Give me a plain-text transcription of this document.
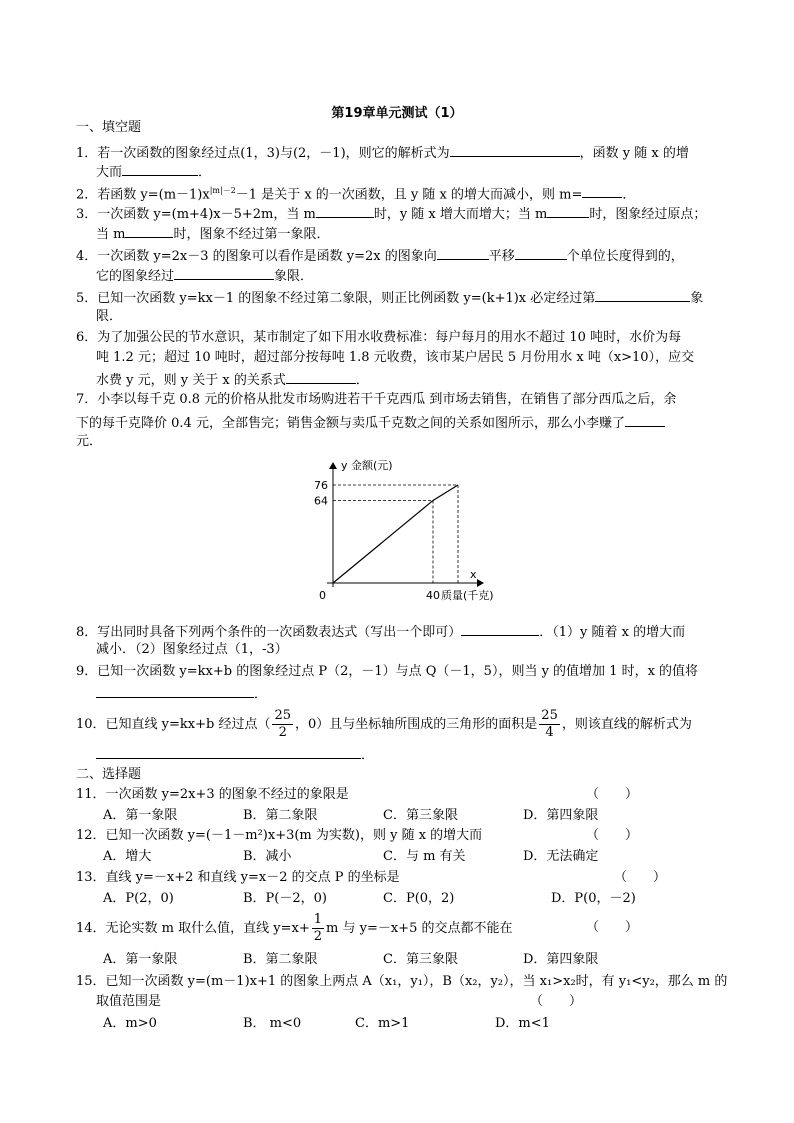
第19章单元测试（1）
一、填空题
1．若一次函数的图象经过点(1，3)与(2，－1)，则它的解析式为	，函数 y 随 x 的增
大而	．
2．若函数 $y=(m-1)x^{|m|-2}-1$ 是关于 x 的一次函数，且 y 随 x 的增大而减小，则 m=	．
3．一次函数 y=(m+4)x－5+2m，当 m	时，y 随 x 增大而增大；当 m	时，图象经过原点；
当 m	时，图象不经过第一象限．
4．一次函数 y=2x－3 的图象可以看作是函数 y=2x 的图象向	平移	个单位长度得到的，
它的图象经过	象限．
5．已知一次函数 y=kx－1 的图象不经过第二象限，则正比例函数 y=(k+1)x 必定经过第	象
限．
6．为了加强公民的节水意识，某市制定了如下用水收费标准：每户每月的用水不超过 10 吨时，水价为每
吨 1.2 元；超过 10 吨时，超过部分按每吨 1.8 元收费，该市某户居民 5 月份用水 x 吨（x>10），应交
水费 y 元，则 y 关于 x 的关系式	．
7．小李以每千克 0.8 元的价格从批发市场购进若干千克西瓜 到市场去销售，在销售了部分西瓜之后，余
下的每千克降价 0.4 元，全部售完；销售金额与卖瓜千克数之间的关系如图所示，那么小李赚了
元．
y 金额(元)
x
质量(千克)
0
64
76
40
8．写出同时具备下列两个条件的一次函数表达式（写出一个即可）	．（1）y 随着 x 的增大而
减小．（2）图象经过点（1，-3）
9．已知一次函数 y=kx+b 的图象经过点 P（2，－1）与点 Q（－1，5），则当 y 的值增加 1 时，x 的值将
．
10．已知直线 y=kx+b 经过点（ $\frac{25}{2}$ ，0）且与坐标轴所围成的三角形的面积是 $\frac{25}{4}$ ，则该直线的解析式为
．
二、选择题
11．一次函数 y=2x+3 的图象不经过的象限是	（　　）
A．第一象限	B．第二象限	C．第三象限	D．第四象限
12．已知一次函数 y=(－1－m²)x+3(m 为实数)，则 y 随 x 的增大而	（　　）
A．增大	B．减小	C．与 m 有关	D．无法确定
13．直线 y=－x+2 和直线 y=x－2 的交点 P 的坐标是	（　　）
A．P(2，0)	B．P(－2，0)	C．P(0，2)	D．P(0，－2)
14．无论实数 m 取什么值，直线 $y=x+ \frac{1}{2}$ m 与 y=－x+5 的交点都不能在	（　　）
A．第一象限	B．第二象限	C．第三象限	D．第四象限
15．已知一次函数 y=(m－1)x+1 的图象上两点 A（x₁，y₁），B（x₂，y₂），当 x₁>x₂时，有 y₁<y₂，那么 m 的
取值范围是	（　　）
A．m>0	B． m<0	C．m>1	D．m<1
